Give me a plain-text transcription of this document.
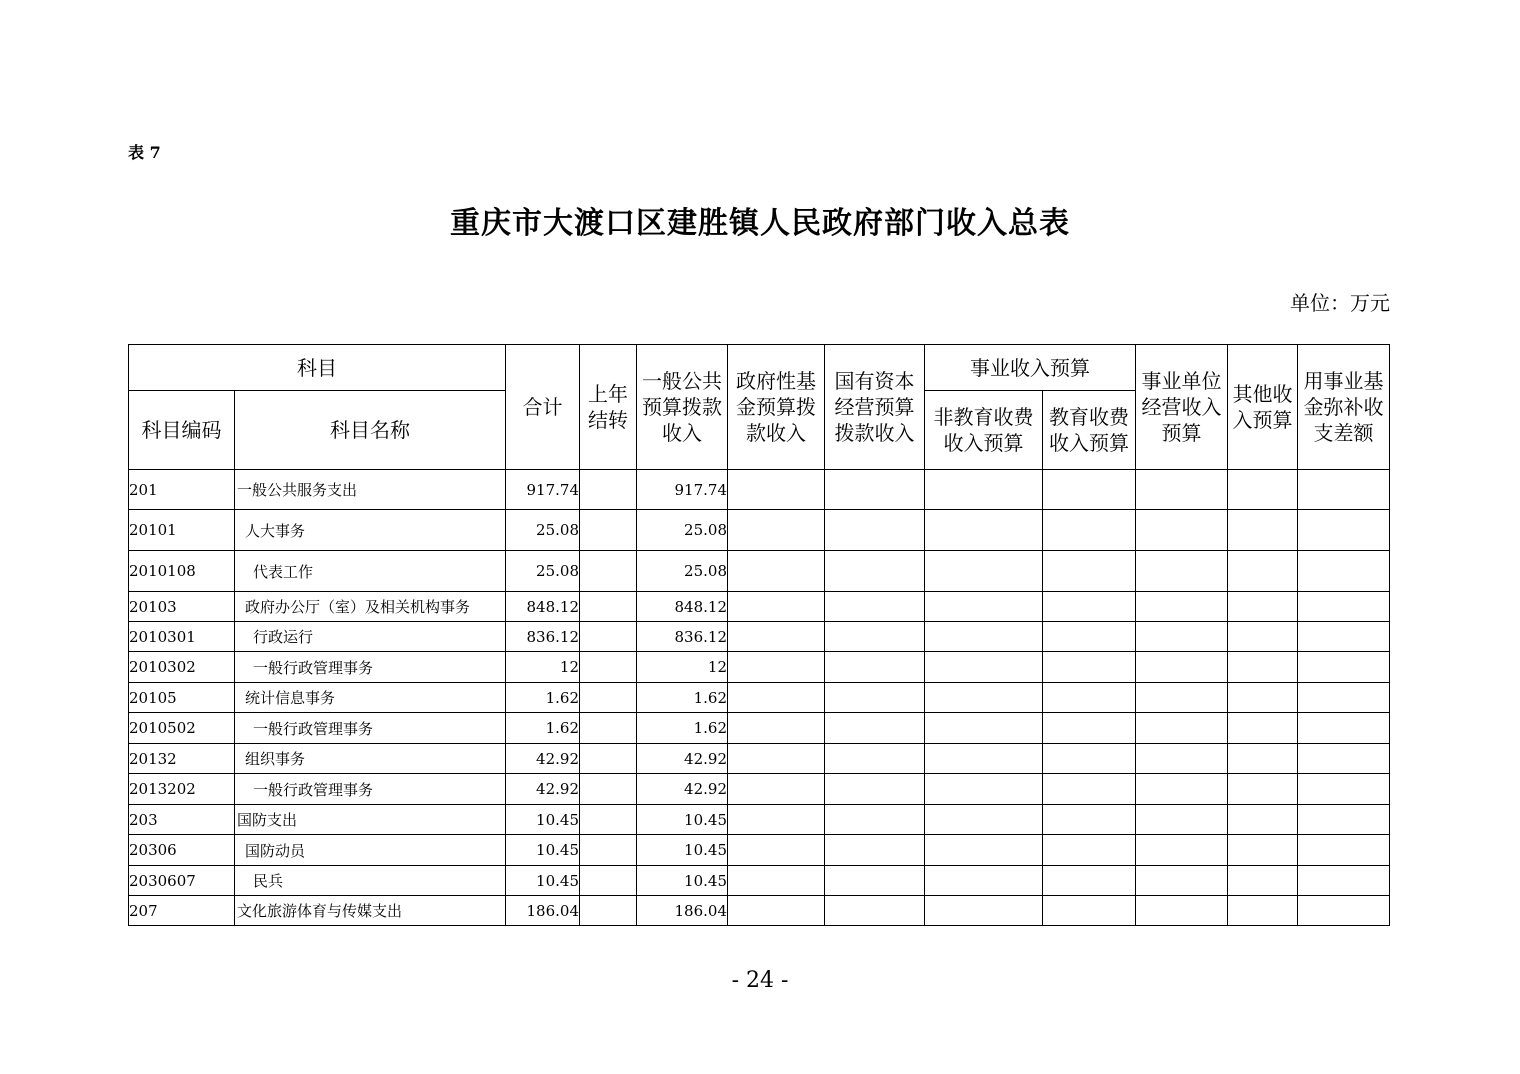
表 7
重庆市大渡口区建胜镇人民政府部门收入总表
单位：万元
科目		合计	上年结转	一般公共预算拨款收入	政府性基金预算拨款收入	国有资本经营预算拨款收入	事业收入预算		事业单位经营收入预算	其他收入预算	用事业基金弥补收支差额
科目编码	科目名称						非教育收费收入预算	教育收费收入预算			
201	一般公共服务支出	917.74		917.74							
20101	人大事务	25.08		25.08							
2010108	代表工作	25.08		25.08							
20103	政府办公厅（室）及相关机构事务	848.12		848.12							
2010301	行政运行	836.12		836.12							
2010302	一般行政管理事务	12		12							
20105	统计信息事务	1.62		1.62							
2010502	一般行政管理事务	1.62		1.62							
20132	组织事务	42.92		42.92							
2013202	一般行政管理事务	42.92		42.92							
203	国防支出	10.45		10.45							
20306	国防动员	10.45		10.45							
2030607	民兵	10.45		10.45							
207	文化旅游体育与传媒支出	186.04		186.04							
- 24 -
